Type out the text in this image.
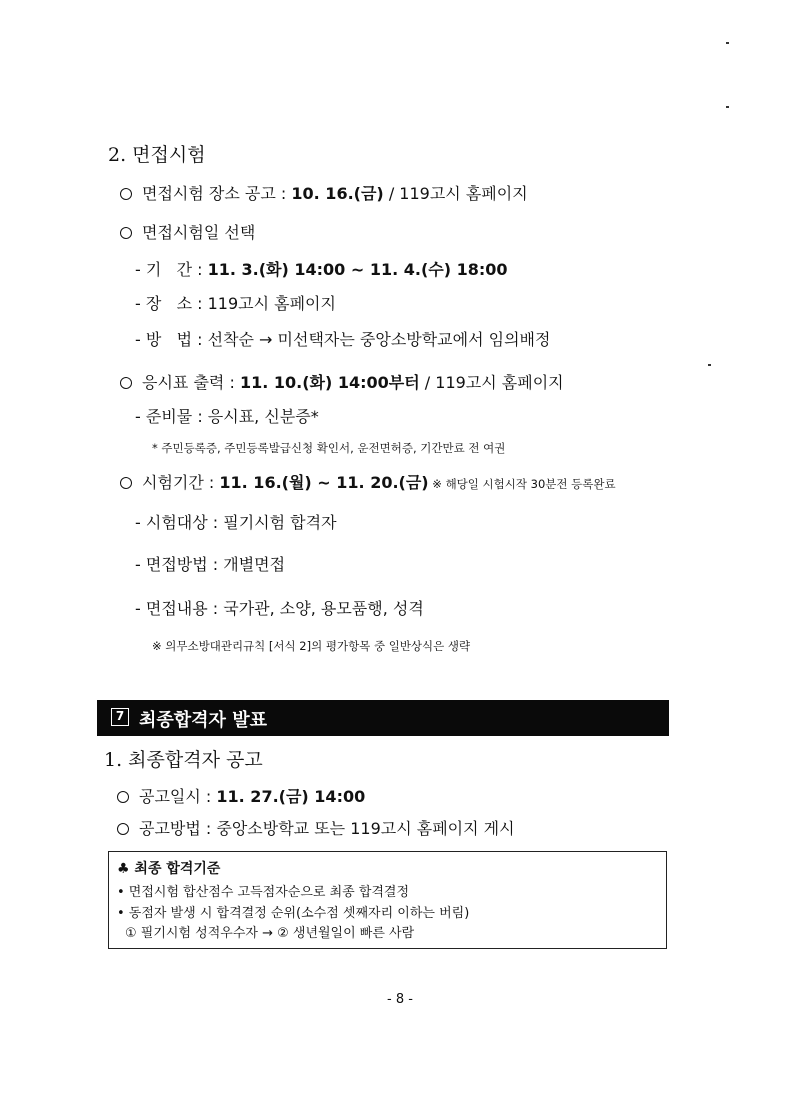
2. 면접시험
면접시험 장소 공고 : 10. 16.(금) / 119고시 홈페이지
면접시험일 선택
- 기   간 : 11. 3.(화) 14:00 ~ 11. 4.(수) 18:00
- 장   소 : 119고시 홈페이지
- 방   법 : 선착순 → 미선택자는 중앙소방학교에서 임의배정
응시표 출력 : 11. 10.(화) 14:00부터 / 119고시 홈페이지
- 준비물 : 응시표, 신분증*
* 주민등록증, 주민등록발급신청 확인서, 운전면허증, 기간만료 전 여권
시험기간 : 11. 16.(월) ~ 11. 20.(금) ※ 해당일 시험시작 30분전 등록완료
- 시험대상 : 필기시험 합격자
- 면접방법 : 개별면접
- 면접내용 : 국가관, 소양, 용모품행, 성격
※ 의무소방대관리규칙 [서식 2]의 평가항목 중 일반상식은 생략
7 최종합격자 발표
1. 최종합격자 공고
공고일시 : 11. 27.(금) 14:00
공고방법 : 중앙소방학교 또는 119고시 홈페이지 게시
♣ 최종 합격기준
• 면접시험 합산점수 고득점자순으로 최종 합격결정
• 동점자 발생 시 합격결정 순위(소수점 셋째자리 이하는 버림)
① 필기시험 성적우수자 → ② 생년월일이 빠른 사람
- 8 -
